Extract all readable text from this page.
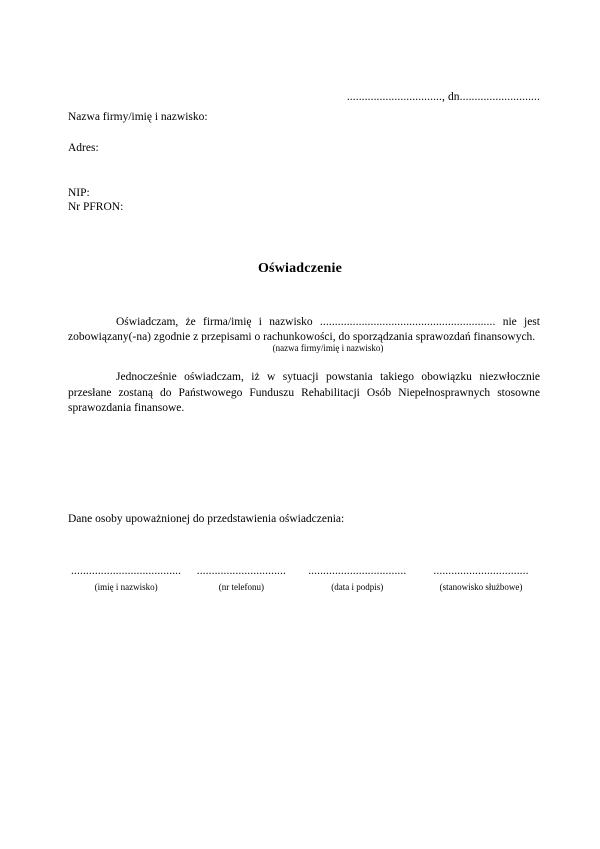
................................, dn...........................
Nazwa firmy/imię i nazwisko:
Adres:
NIP:
Nr PFRON:
Oświadczenie

Oświadczam, że firma/imię i nazwisko ........................................................... nie jest zobowiązany(-na) zgodnie z przepisami o rachunkowości, do sporządzania sprawozdań finansowych.

(nazwa firmy/imię i nazwisko)

Jednocześnie oświadczam, iż w sytuacji powstania takiego obowiązku niezwłocznie przesłane zostaną do Państwowego Funduszu Rehabilitacji Osób Niepełnosprawnych stosowne sprawozdania finansowe.

Dane osoby upoważnionej do przedstawienia oświadczenia:
.....................................
(imię i nazwisko)
..............................
(nr telefonu)
.................................
(data i podpis)
................................
(stanowisko służbowe)
